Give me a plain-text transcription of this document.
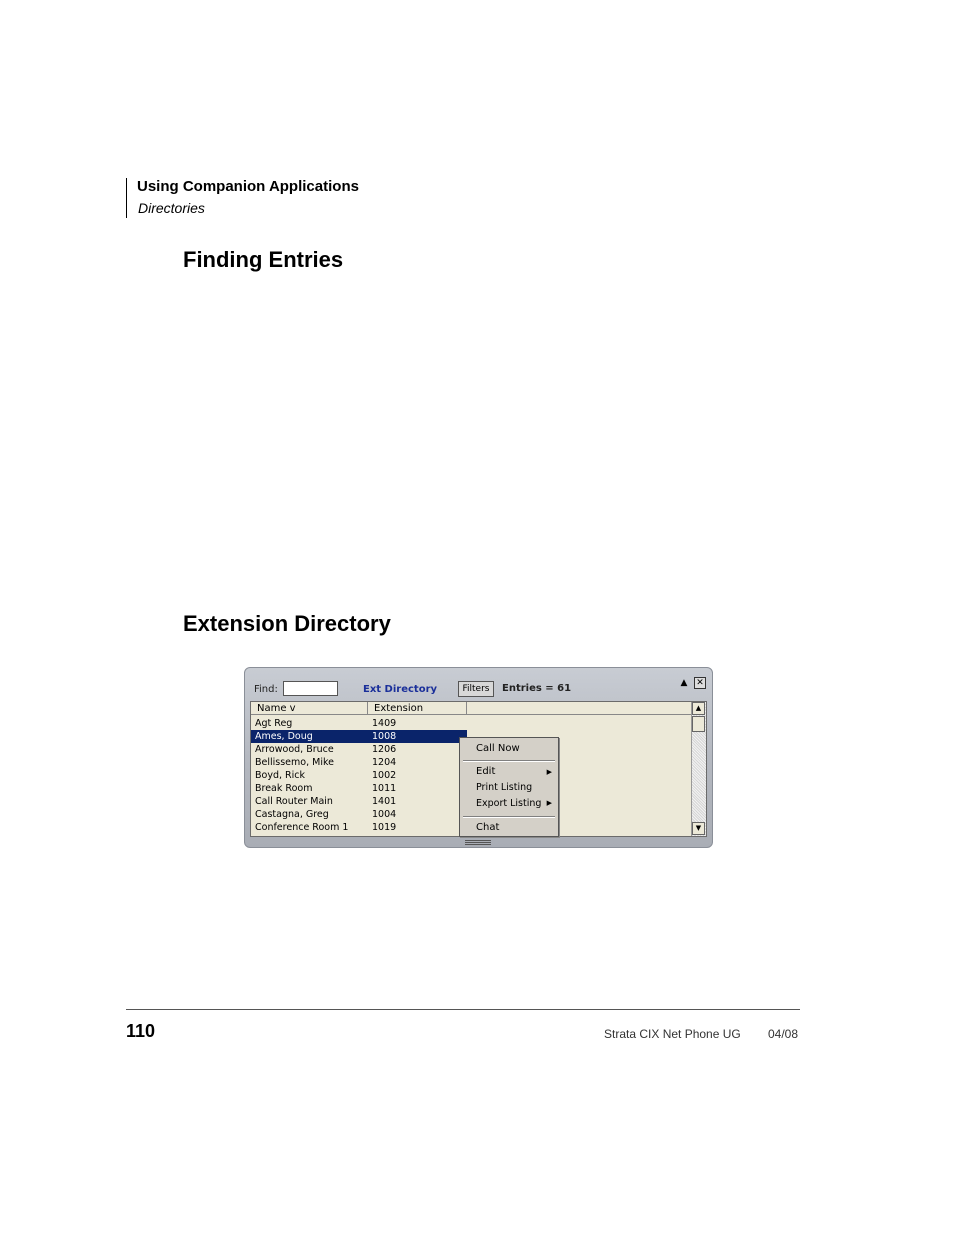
Using Companion Applications
Directories
Finding Entries
Extension Directory
Find:	Ext Directory	Filters	Entries = 61	▲ ✕
Name v	Extension
Agt Reg	1409
Ames, Doug	1008
Arrowood, Bruce	1206
Bellissemo, Mike	1204
Boyd, Rick	1002
Break Room	1011
Call Router Main	1401
Castagna, Greg	1004
Conference Room 1 1019
▲
▼
Call Now
Edit	▶
Print Listing
Export Listing ▶
Chat
110	Strata CIX Net Phone UG 04/08
